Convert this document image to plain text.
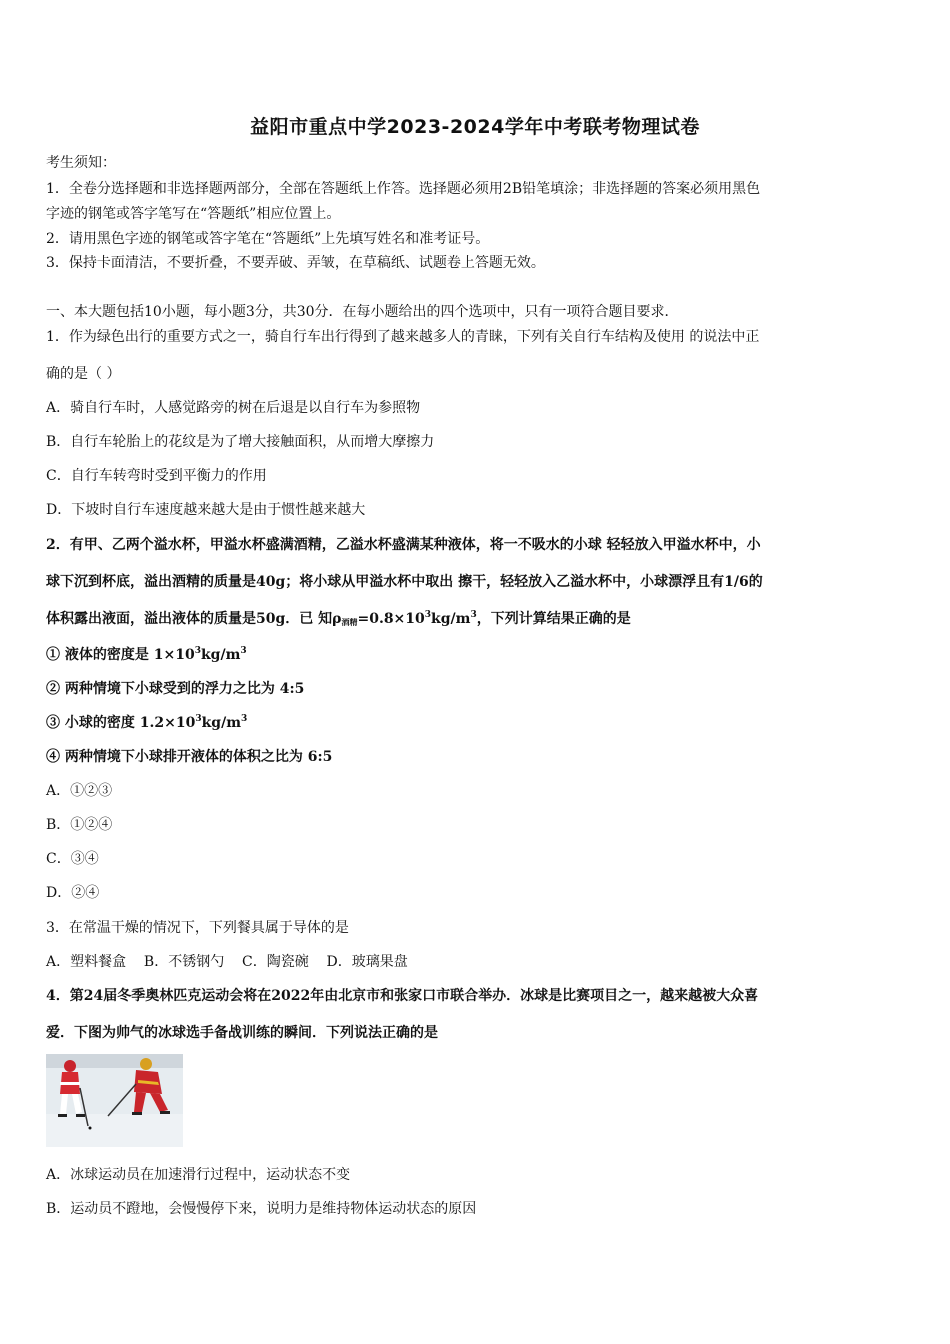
益阳市重点中学2023-2024学年中考联考物理试卷
考生须知：
1．全卷分选择题和非选择题两部分，全部在答题纸上作答。选择题必须用2B铅笔填涂；非选择题的答案必须用黑色
字迹的钢笔或答字笔写在“答题纸”相应位置上。
2．请用黑色字迹的钢笔或答字笔在“答题纸”上先填写姓名和准考证号。
3．保持卡面清洁，不要折叠，不要弄破、弄皱，在草稿纸、试题卷上答题无效。
一、本大题包括10小题，每小题3分，共30分．在每小题给出的四个选项中，只有一项符合题目要求．
1．作为绿色出行的重要方式之一，骑自行车出行得到了越来越多人的青睐，下列有关自行车结构及使用 的说法中正
确的是（ ）
A．骑自行车时，人感觉路旁的树在后退是以自行车为参照物
B．自行车轮胎上的花纹是为了增大接触面积，从而增大摩擦力
C．自行车转弯时受到平衡力的作用
D．下坡时自行车速度越来越大是由于惯性越来越大
2．有甲、乙两个溢水杯，甲溢水杯盛满酒精，乙溢水杯盛满某种液体，将一不吸水的小球 轻轻放入甲溢水杯中，小
球下沉到杯底，溢出酒精的质量是40g；将小球从甲溢水杯中取出 擦干，轻轻放入乙溢水杯中，小球漂浮且有1/6的
体积露出液面，溢出液体的质量是50g．已 知$\rho_{酒精}=0.8\times 10^3kg/m^3$，下列计算结果正确的是
① 液体的密度是 $1\times 10^3kg/m^3$
② 两种情境下小球受到的浮力之比为 4:5
③ 小球的密度 $1.2\times 10^3kg/m^3$
④ 两种情境下小球排开液体的体积之比为 6:5
A．①②③
B．①②④
C．③④
D．②④
3．在常温干燥的情况下，下列餐具属于导体的是
A．塑料餐盒    B．不锈钢勺    C．陶瓷碗    D．玻璃果盘
4．第24届冬季奥林匹克运动会将在2022年由北京市和张家口市联合举办．冰球是比赛项目之一，越来越被大众喜
爱．下图为帅气的冰球选手备战训练的瞬间．下列说法正确的是
A．冰球运动员在加速滑行过程中，运动状态不变
B．运动员不蹬地，会慢慢停下来，说明力是维持物体运动状态的原因
